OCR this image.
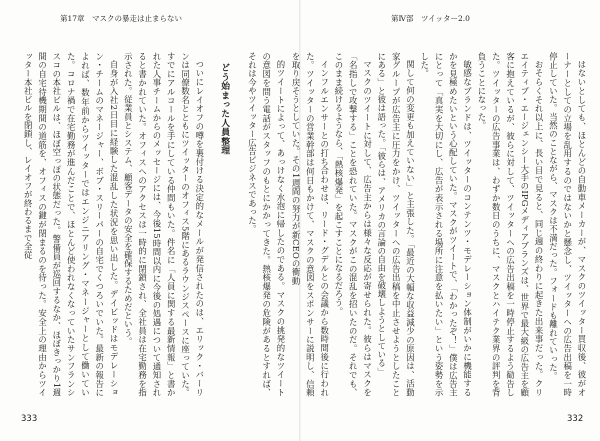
第17章　マスクの暴走は止まらない

的ツイートによって、あっけなく水泡に帰したのである。マスクの挑発的なツイートの意図を問う電話がスタッフのもとにかかってきた。熱核爆発の危険があるとすれば、それは今やツイッター広告ビジネスであった。

どう始まった人員整理

ついにレイオフの噂を裏付ける決定的なメールが発信されたのは、エリック・バーリンは同僚数名とともにツイッターのオフィス5階にあるラウンジスペースに座っていた。すでにアルコールを手にしている仲間もいた。件名に「人員に関する最新情報」と書かれた人事チームからのメッセージには、今後15時間以内に今後の処遇について通知されると書かれていた。オフィスへのアクセスは一時的に閉鎖され、全社員は在宅勤務を指示された。従業員とシステム、顧客データの安全を確保するためだという。

自身が入社2日目に経験した混乱した状況を思い出した。デイビッドはモデレーション・チームのマネージャー、ボブ・スリーパーの自宅でくつろいでいた。最新の報告によれば、数年前からツイッターではエンジニアリング・マネージャーとして働いていた。コロナ禍で在宅勤務が進んだことで、ほとんど使われなくなっていたサンフランシスコの本社ビルは、ほぼ空っぽの状態だった。警備員が巡回するなか、ほぼきっかり1週間の自宅待機期間の道筋を、オフィスの鍵が閉まるのを待った。安全上の理由からツイッター本社ビルを閉鎖し、レイオフが終わるまで全従

333
第Ⅳ部　ツイッター2.0

はないとしても、ほとんどの自動車メーカーが、マスクのツイッター買収後、彼がオーナーとしての立場を乱用するのではないかと懸念し、ツイッターへの広告出稿を一時停止していた。当然のことながら、マスクは不満だった。フォードも離れていった。

おそらくそれ以上に、長い目で見ると、同じ週の終わりに起きた出来事だった。クリエイティブ・エージェンシー大手のIPGメディアブランズは、世界で最大級の広告主を顧客に抱えているが、彼らに対して、ツイッターへの広告出稿を一時停止するよう勧告した。ツイッターの広告事業は、わずか数日のうちに、マスクとハイテク業界の評判を背負うことになった。

敏感なブランドは、ツイッターのコンテンツ・モデレーション体制がいかに機能するかを見極めたいという心配していた。マスクがツイートで、「わかったぞ！」僕は広告主にとって「真実を大切にし、広告が表示される場所に注意を払いたい」という姿勢を示した。

関して何の変更も加えていない」と主張した。「最近の大幅な収益減少の原因は、活動家グループが広告主に圧力をかけ、ツイッターへの広告出稿を中止させようとしたことにある」と彼は語った。「彼らは、アメリカの言論の自由を破壊しようとしている」

マスクのツイートに対して、広告主からは様々な反応が寄せられた。彼らはマスクを「名指しで攻撃する」ことを恐れていた。マスクがこの混乱を招いたのだ。それでも、このまま続けるようなら、「熱核爆発」を起こすことになるだろう。

インフルエンサーとの打ち合わせは、リード・グデルとの会議から数時間後に行われた。ツイッターの営業幹部は何日もかけて、マスクの意図をスポンサーに説明し、信頼を取り戻そうとしていた。その1週間の努力が新CEOの衝動

332
